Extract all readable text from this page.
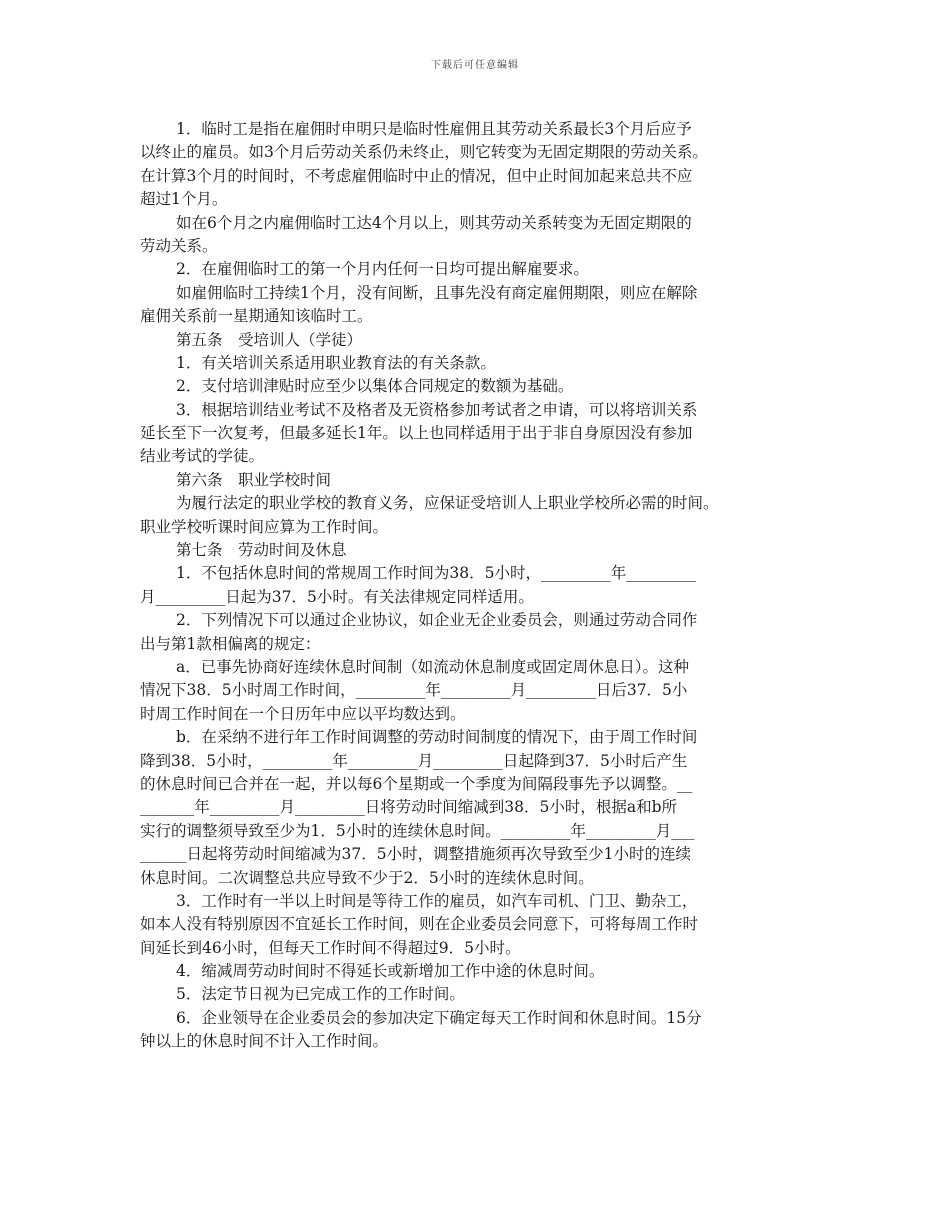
下载后可任意编辑
1．临时工是指在雇佣时申明只是临时性雇佣且其劳动关系最长3个月后应予
以终止的雇员。如3个月后劳动关系仍未终止，则它转变为无固定期限的劳动关系。
在计算3个月的时间时，不考虑雇佣临时中止的情况，但中止时间加起来总共不应
超过1个月。
如在6个月之内雇佣临时工达4个月以上，则其劳动关系转变为无固定期限的
劳动关系。
2．在雇佣临时工的第一个月内任何一日均可提出解雇要求。
如雇佣临时工持续1个月，没有间断，且事先没有商定雇佣期限，则应在解除
雇佣关系前一星期通知该临时工。
第五条　受培训人（学徒）
1．有关培训关系适用职业教育法的有关条款。
2．支付培训津贴时应至少以集体合同规定的数额为基础。
3．根据培训结业考试不及格者及无资格参加考试者之申请，可以将培训关系
延长至下一次复考，但最多延长1年。以上也同样适用于出于非自身原因没有参加
结业考试的学徒。
第六条　职业学校时间
为履行法定的职业学校的教育义务，应保证受培训人上职业学校所必需的时间。
职业学校听课时间应算为工作时间。
第七条　劳动时间及休息
1．不包括休息时间的常规周工作时间为38．5小时，_________年_________
月_________日起为37．5小时。有关法律规定同样适用。
2．下列情况下可以通过企业协议，如企业无企业委员会，则通过劳动合同作
出与第1款相偏离的规定：
a．已事先协商好连续休息时间制（如流动休息制度或固定周休息日）。这种
情况下38．5小时周工作时间，_________年_________月_________日后37．5小
时周工作时间在一个日历年中应以平均数达到。
b．在采纳不进行年工作时间调整的劳动时间制度的情况下，由于周工作时间
降到38．5小时，_________年_________月_________日起降到37．5小时后产生
的休息时间已合并在一起，并以每6个星期或一个季度为间隔段事先予以调整。__
_______年_________月_________日将劳动时间缩减到38．5小时，根据a和b所
实行的调整须导致至少为1．5小时的连续休息时间。_________年_________月___
______日起将劳动时间缩减为37．5小时，调整措施须再次导致至少1小时的连续
休息时间。二次调整总共应导致不少于2．5小时的连续休息时间。
3．工作时有一半以上时间是等待工作的雇员，如汽车司机、门卫、勤杂工，
如本人没有特别原因不宜延长工作时间，则在企业委员会同意下，可将每周工作时
间延长到46小时，但每天工作时间不得超过9．5小时。
4．缩减周劳动时间时不得延长或新增加工作中途的休息时间。
5．法定节日视为已完成工作的工作时间。
6．企业领导在企业委员会的参加决定下确定每天工作时间和休息时间。15分
钟以上的休息时间不计入工作时间。
